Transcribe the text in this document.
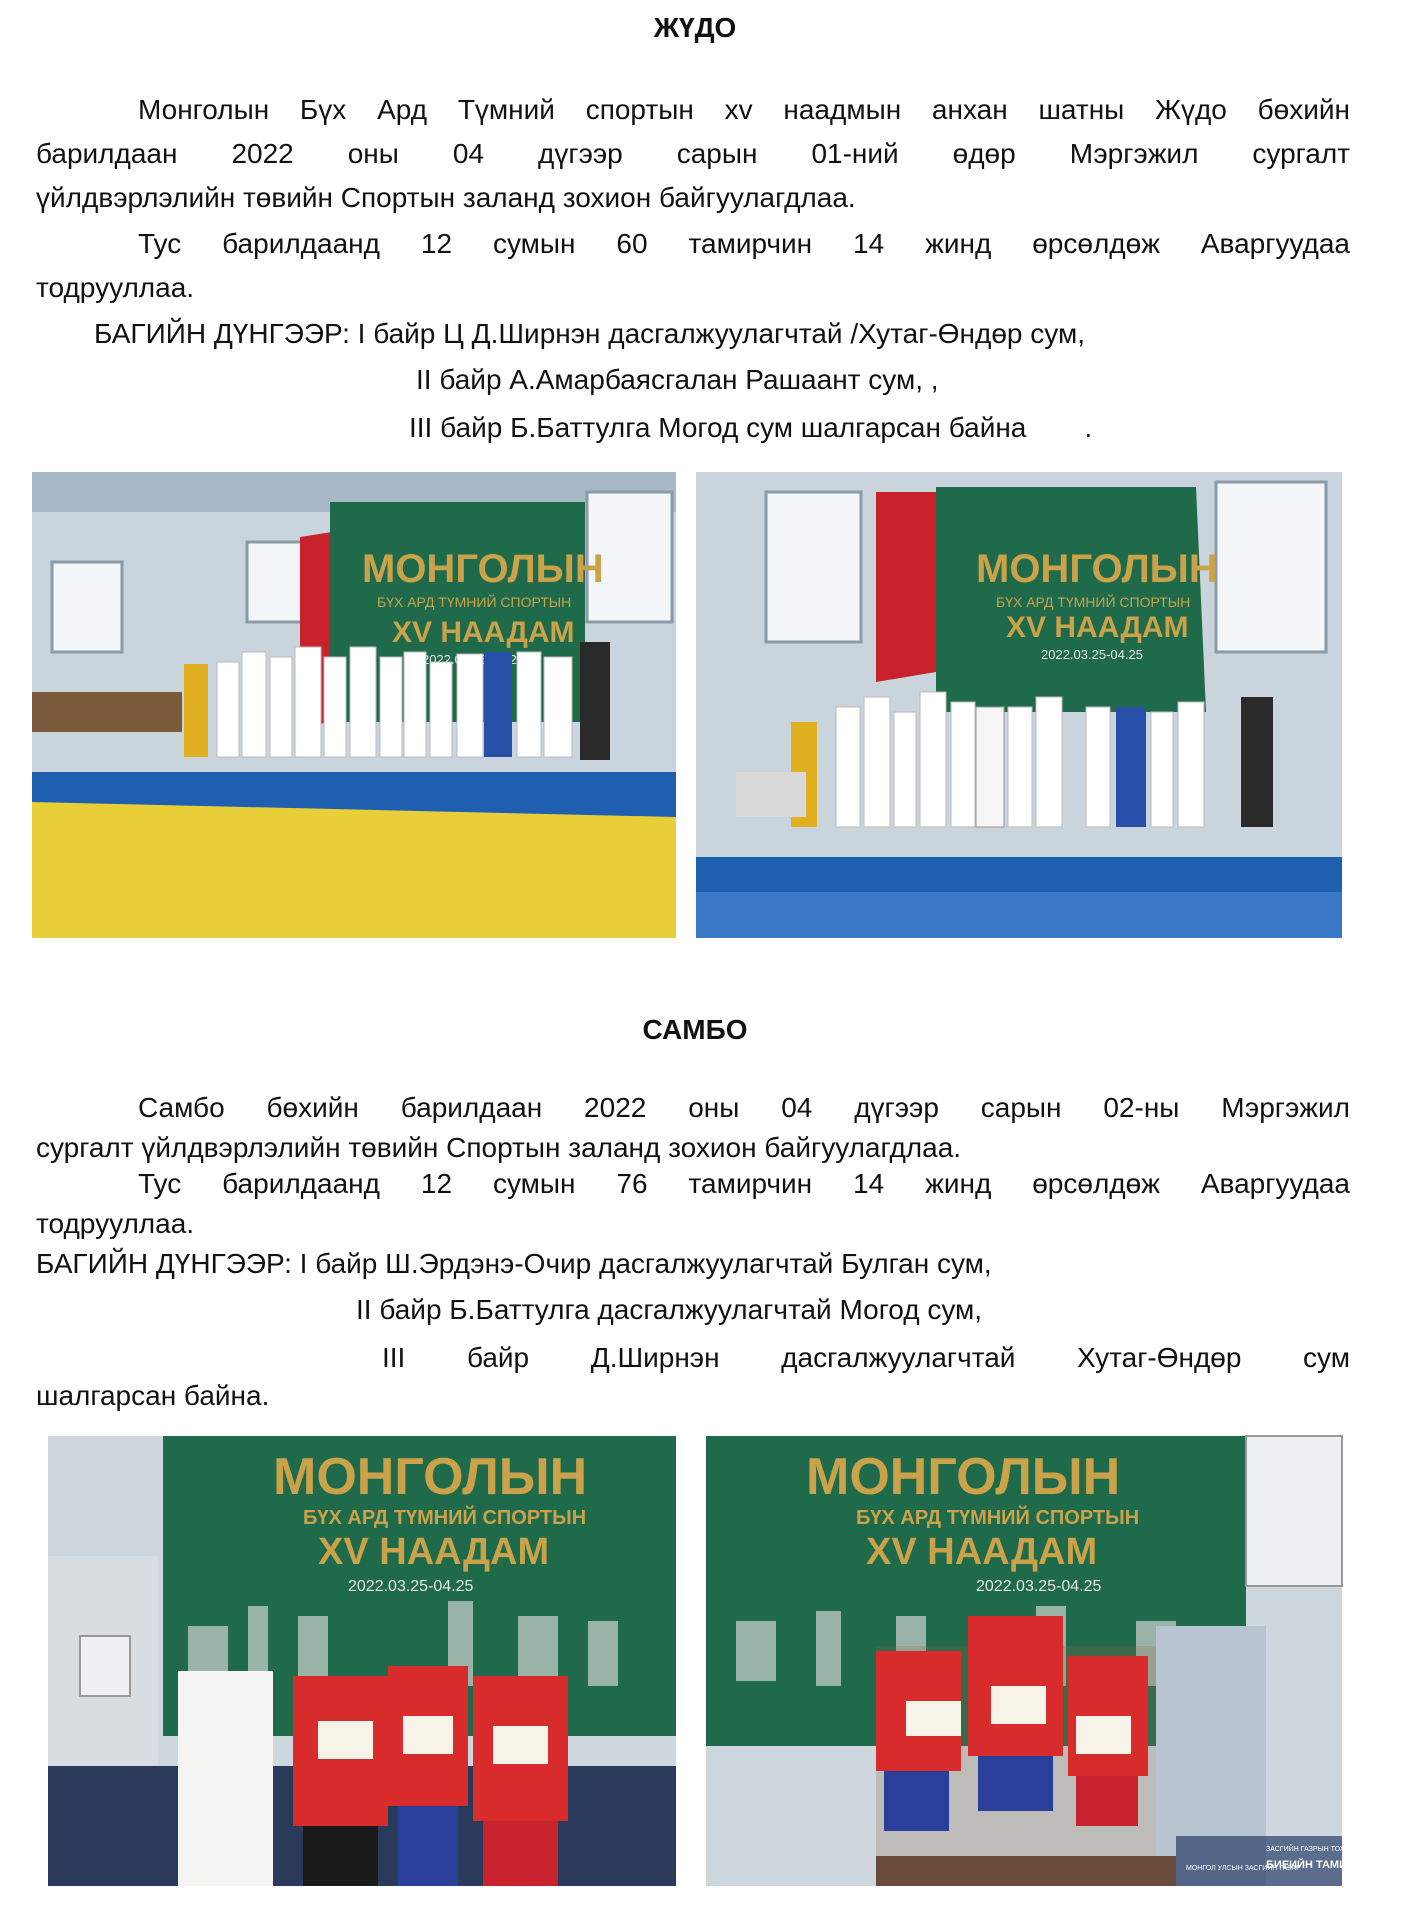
ЖҮДО
Монголын Бүх Ард Түмний спортын xv наадмын анхан шатны Жүдо бөхийн
барилдаан 2022 оны 04 дүгээр сарын 01-ний өдөр Мэргэжил сургалт
үйлдвэрлэлийн төвийн Спортын заланд зохион байгуулагдлаа.
Тус барилдаанд 12 сумын 60 тамирчин 14 жинд өрсөлдөж Аваргуудаа
тодрууллаа.
БАГИЙН ДҮНГЭЭР: I байр Ц Д.Ширнэн дасгалжуулагчтай /Хутаг-Өндөр сум,
II байр А.Амарбаясгалан Рашаант сум, ,
III байр Б.Баттулга Могод сум шалгарсан байна .
МОНГОЛЫН
БҮХ АРД ТҮМНИЙ СПОРТЫН
XV НААДАМ
МОНГОЛЫН
БҮХ АРД ТҮМНИЙ СПОРТЫН
XV НААДАМ
2022.03.25-04.25
САМБО
Самбо бөхийн барилдаан 2022 оны 04 дүгээр сарын 02-ны Мэргэжил
сургалт үйлдвэрлэлийн төвийн Спортын заланд зохион байгуулагдлаа.
Тус барилдаанд 12 сумын 76 тамирчин 14 жинд өрсөлдөж Аваргуудаа
тодрууллаа.
БАГИЙН ДҮНГЭЭР: I байр Ш.Эрдэнэ-Очир дасгалжуулагчтай Булган сум,
II байр Б.Баттулга дасгалжуулагчтай Могод сум,
III байр Д.Ширнэн дасгалжуулагчтай Хутаг-Өндөр сум
шалгарсан байна.
МОНГОЛЫН
БҮХ АРД ТҮМНИЙ СПОРТЫН
XV НААДАМ
2022.03.25-04.25
МОНГОЛЫН
БҮХ АРД ТҮМНИЙ СПОРТЫН
XV НААДАМ
2022.03.25-04.25
МОНГОЛ УЛСЫН ЗАСГИЙН ГАЗАР
ЗАСГИЙН ГАЗРЫН ТОХИРУ
БИЕИЙН ТАМИ
